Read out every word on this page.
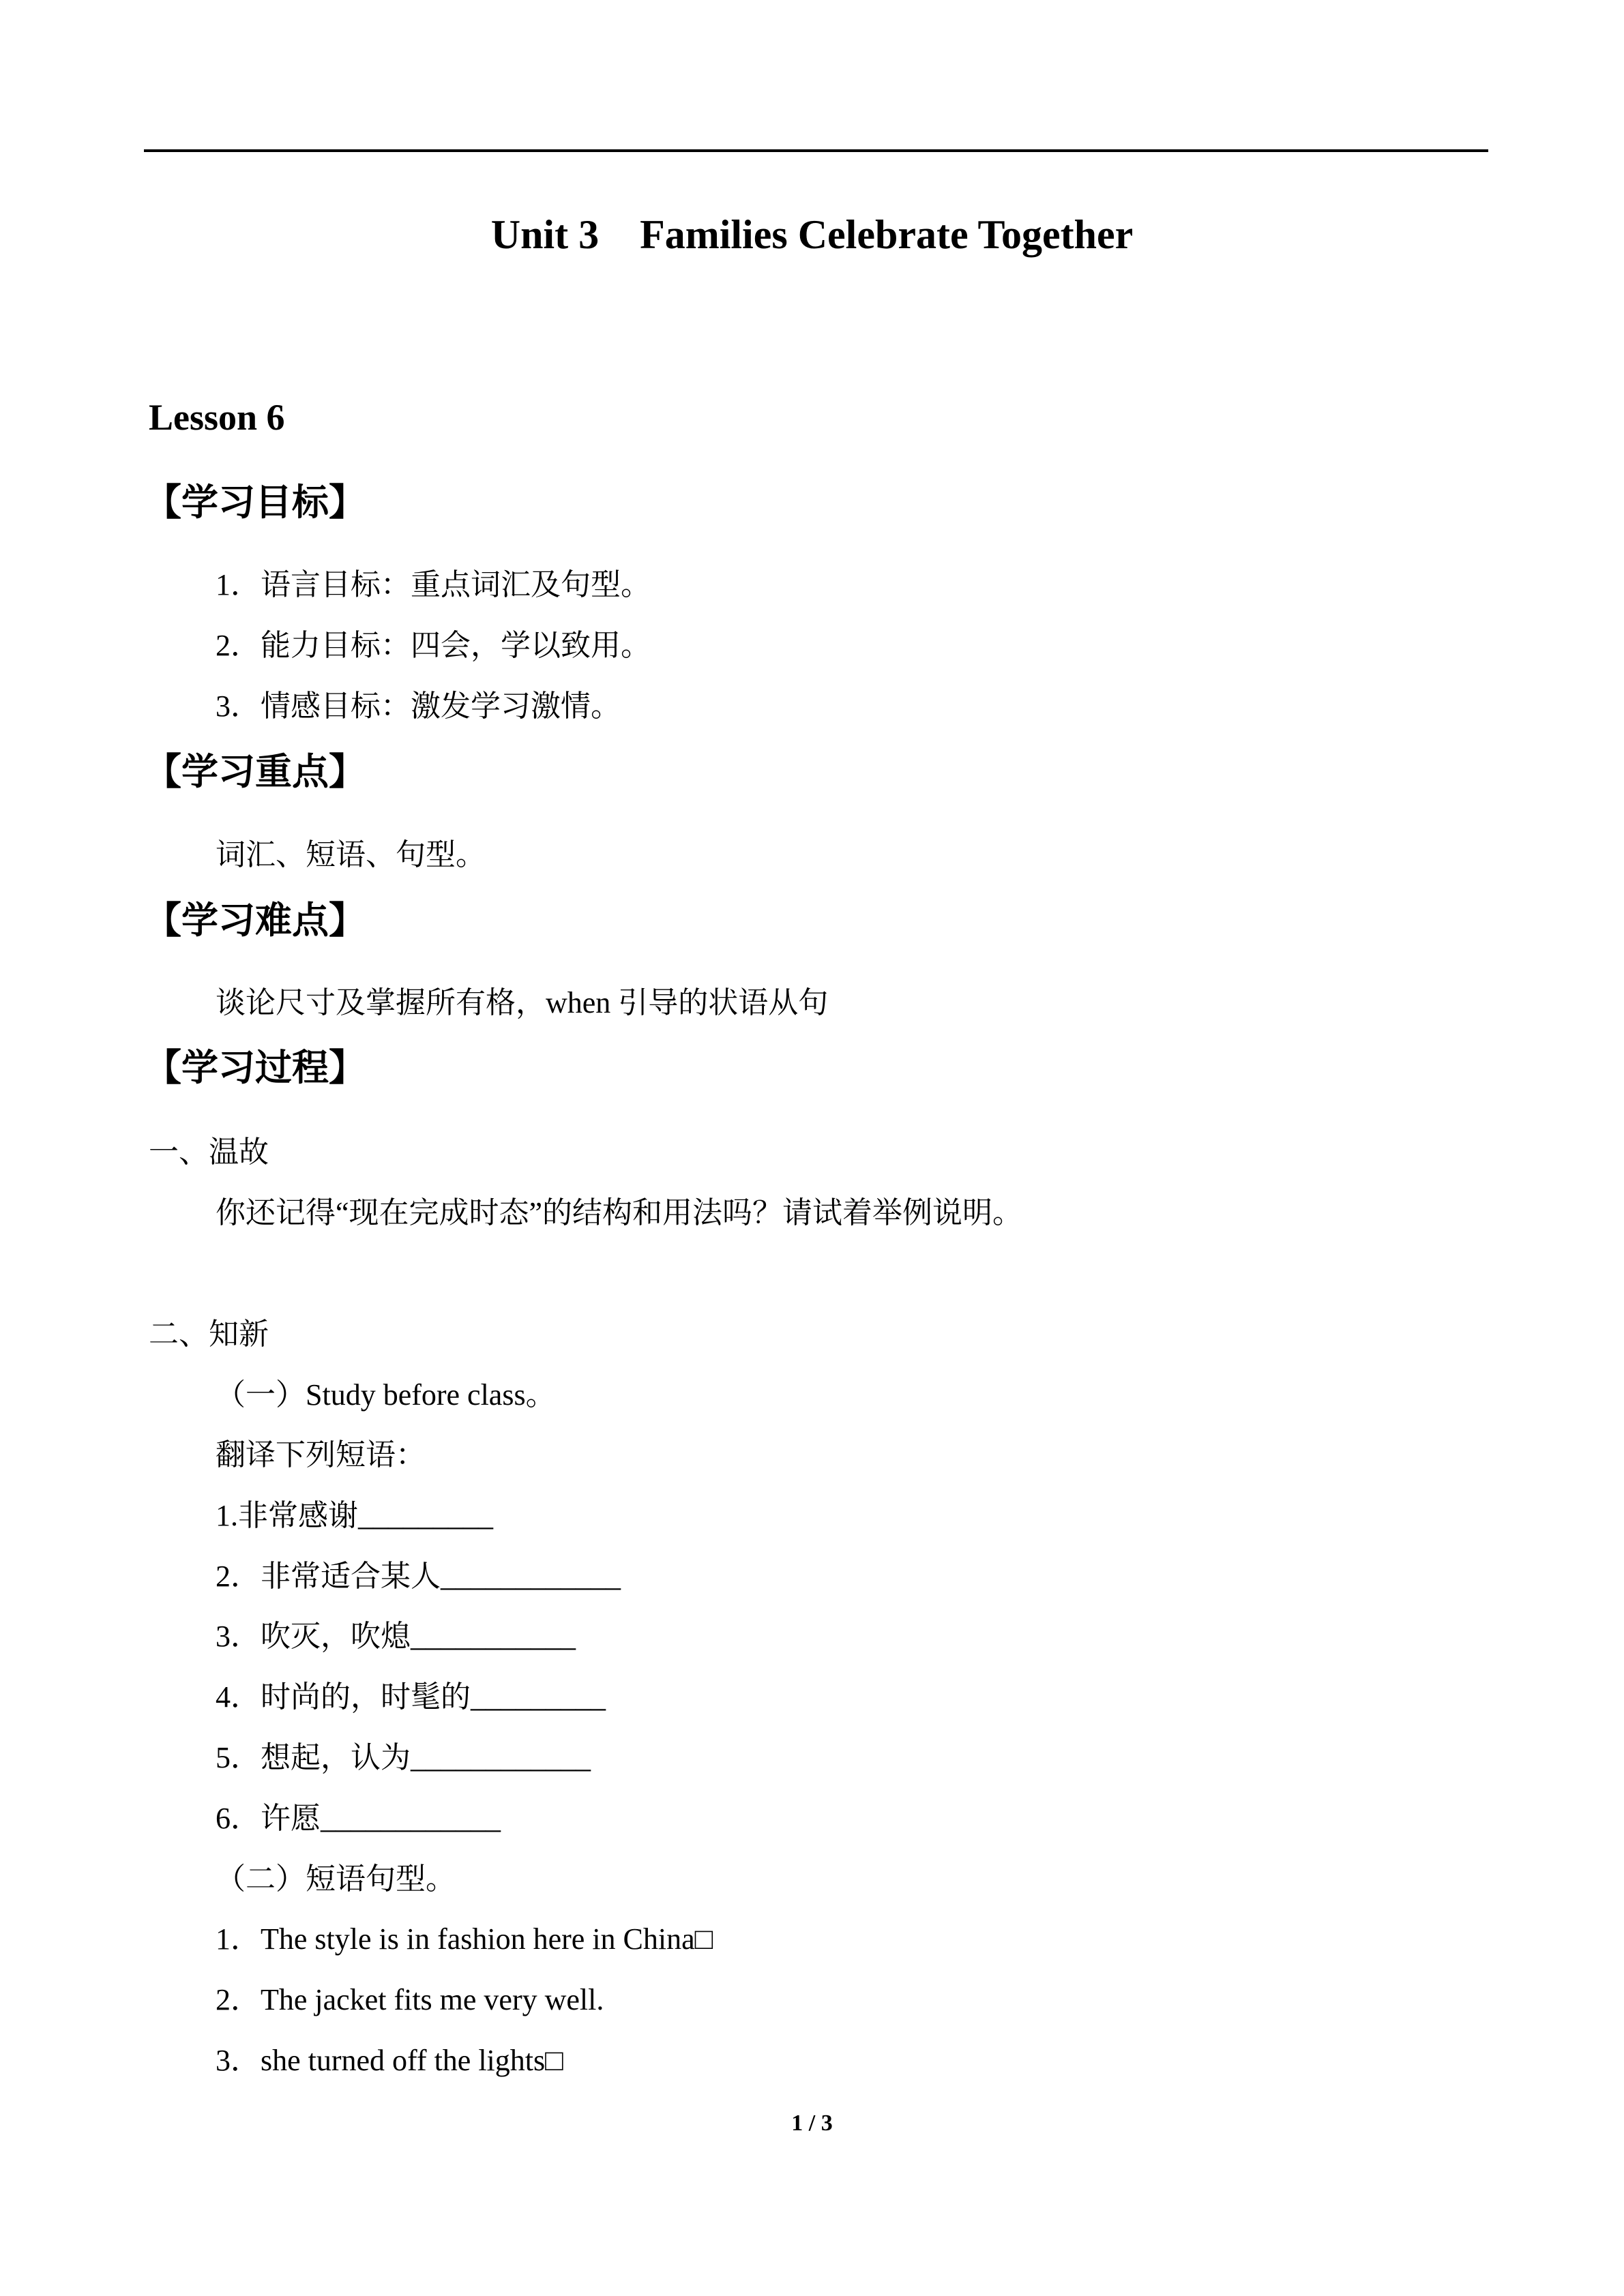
Unit 3    Families Celebrate Together
Lesson 6
【学习目标】
1．语言目标：重点词汇及句型。
2．能力目标：四会，学以致用。
3．情感目标：激发学习激情。
【学习重点】
词汇、短语、句型。
【学习难点】
谈论尺寸及掌握所有格，when 引导的状语从句
【学习过程】
一、温故
你还记得“现在完成时态”的结构和用法吗？请试着举例说明。
二、知新
（一）Study before class。
翻译下列短语：
1.非常感谢_________
2．非常适合某人____________
3．吹灭，吹熄___________
4．时尚的，时髦的_________
5．想起，认为____________
6．许愿____________
（二）短语句型。
1．The style is in fashion here in China□
2．The jacket fits me very well.
3．she turned off the lights□
1 / 3
